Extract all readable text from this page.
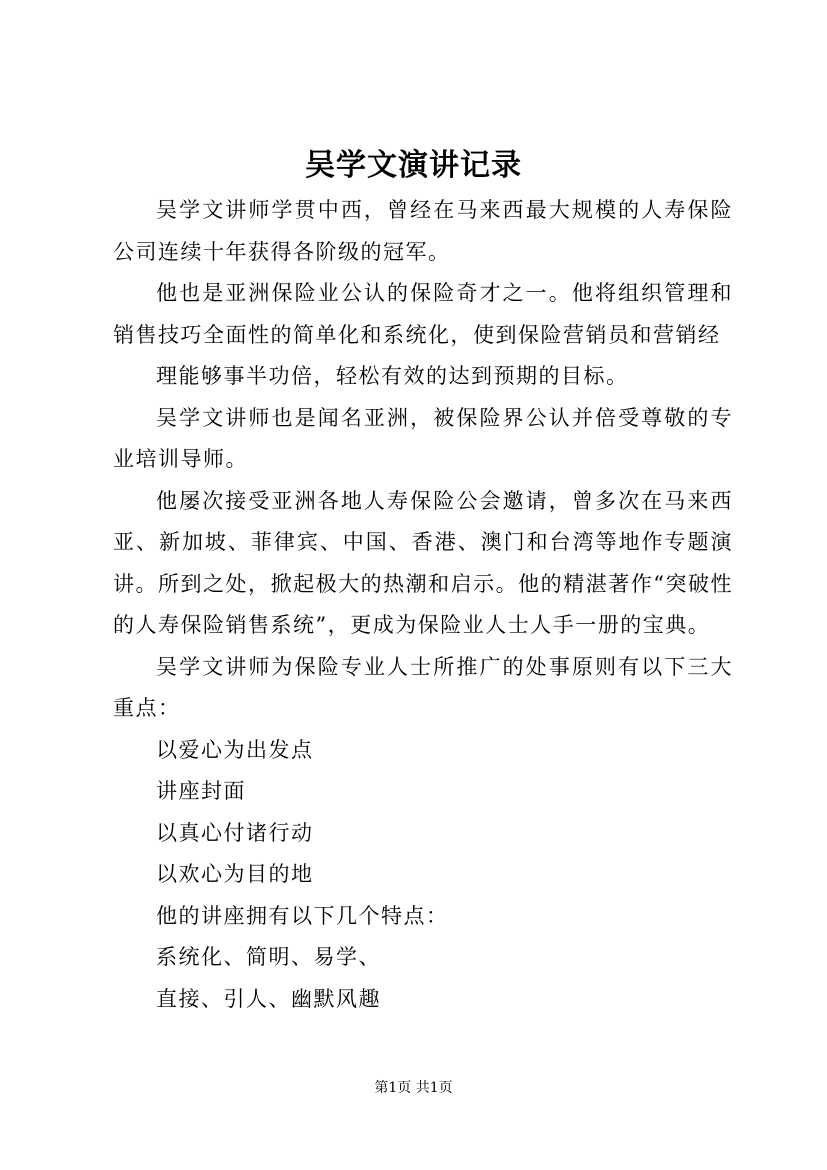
吴学文演讲记录

吴学文讲师学贯中西，曾经在马来西最大规模的人寿保险公司连续十年获得各阶级的冠军。

他也是亚洲保险业公认的保险奇才之一。他将组织管理和销售技巧全面性的简单化和系统化，使到保险营销员和营销经

理能够事半功倍，轻松有效的达到预期的目标。

吴学文讲师也是闻名亚洲，被保险界公认并倍受尊敬的专业培训导师。

他屡次接受亚洲各地人寿保险公会邀请，曾多次在马来西亚、新加坡、菲律宾、中国、香港、澳门和台湾等地作专题演讲。所到之处，掀起极大的热潮和启示。他的精湛著作“突破性的人寿保险销售系统”，更成为保险业人士人手一册的宝典。

吴学文讲师为保险专业人士所推广的处事原则有以下三大重点：

以爱心为出发点

讲座封面

以真心付诸行动

以欢心为目的地

他的讲座拥有以下几个特点：

系统化、简明、易学、

直接、引人、幽默风趣

第1页 共1页
